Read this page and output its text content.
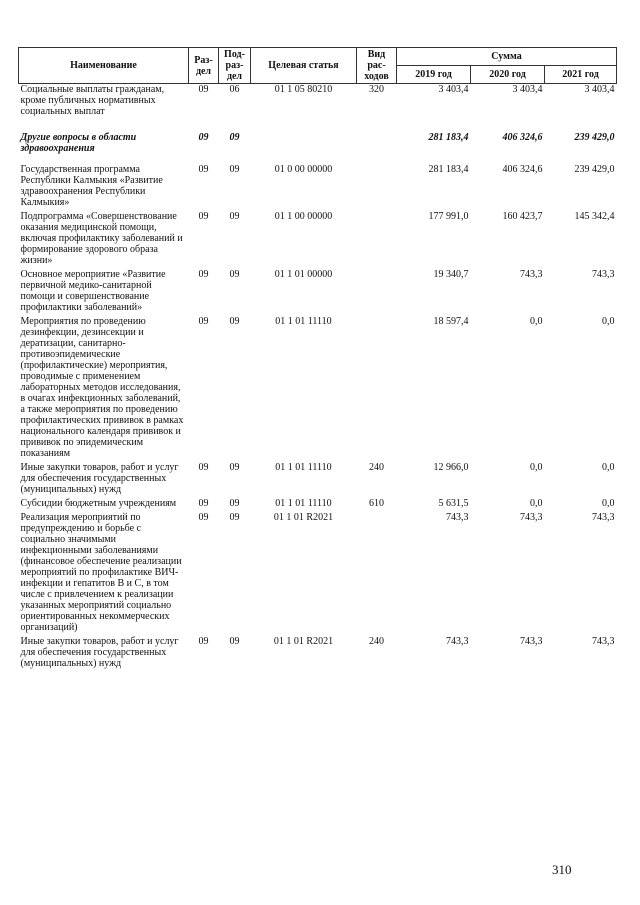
Наименование	Раз-дел	Под-раз-дел	Целевая статья	Вид рас-ходов	Сумма		
					2019 год	2020 год	2021 год
Социальные выплаты гражданам, кроме публичных нормативных социальных выплат	09	06	01 1 05 80210	320	3 403,4	3 403,4	3 403,4
Другие вопросы в области здравоохранения	09	09			281 183,4	406 324,6	239 429,0
Государственная программа Республики Калмыкия «Развитие здравоохранения Республики Калмыкия»	09	09	01 0 00 00000		281 183,4	406 324,6	239 429,0
Подпрограмма «Совершенствование оказания медицинской помощи, включая профилактику заболеваний и формирование здорового образа жизни»	09	09	01 1 00 00000		177 991,0	160 423,7	145 342,4
Основное мероприятие «Развитие первичной медико-санитарной помощи и совершенствование профилактики заболеваний»	09	09	01 1 01 00000		19 340,7	743,3	743,3
Мероприятия по проведению дезинфекции, дезинсекции и дератизации, санитарно-противоэпидемические (профилактические) мероприятия, проводимые с применением лабораторных методов исследования, в очагах инфекционных заболеваний, а также мероприятия по проведению профилактических прививок в рамках национального календаря прививок и прививок по эпидемическим показаниям	09	09	01 1 01 11110		18 597,4	0,0	0,0
Иные закупки товаров, работ и услуг для обеспечения государственных (муниципальных) нужд	09	09	01 1 01 11110	240	12 966,0	0,0	0,0
Субсидии бюджетным учреждениям	09	09	01 1 01 11110	610	5 631,5	0,0	0,0
Реализация мероприятий по предупреждению и борьбе с социально значимыми инфекционными заболеваниями (финансовое обеспечение реализации мероприятий по профилактике ВИЧ-инфекции и гепатитов В и С, в том числе с привлечением к реализации указанных мероприятий социально ориентированных некоммерческих организаций)	09	09	01 1 01 R2021		743,3	743,3	743,3
Иные закупки товаров, работ и услуг для обеспечения государственных (муниципальных) нужд	09	09	01 1 01 R2021	240	743,3	743,3	743,3
310
